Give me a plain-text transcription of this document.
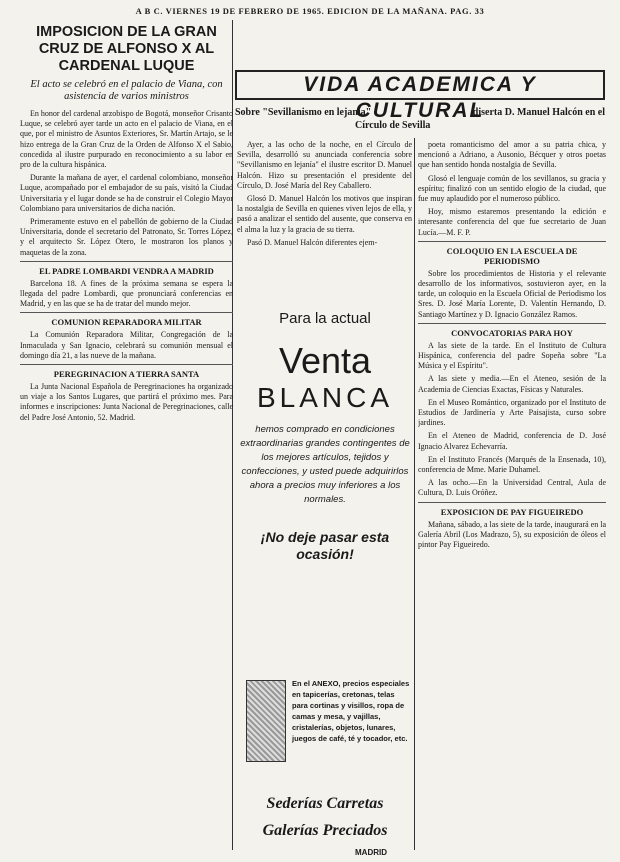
A B C. VIERNES 19 DE FEBRERO DE 1965. EDICION DE LA MAÑANA. PAG. 33
IMPOSICION DE LA GRAN CRUZ DE ALFONSO X AL CARDENAL LUQUE
El acto se celebró en el palacio de Viana, con asistencia de varios ministros

En honor del cardenal arzobispo de Bogotá, monseñor Crisanto Luque, se celebró ayer tarde un acto en el palacio de Viana, en el que, por el ministro de Asuntos Exteriores, Sr. Martín Artajo, se le hizo entrega de la Gran Cruz de la Orden de Alfonso X el Sabio, concedida al ilustre purpurado en reconocimiento a su labor en pro de la cultura hispánica.

Durante la mañana de ayer, el cardenal colombiano, monseñor Luque, acompañado por el embajador de su país, visitó la Ciudad Universitaria y el lugar donde se ha de construir el Colegio Mayor Colombiano para universitarios de dicha nación.

Primeramente estuvo en el pabellón de gobierno de la Ciudad Universitaria, donde el secretario del Patronato, Sr. Torres López, y el arquitecto Sr. López Otero, le mostraron los planos y maquetas de la zona.

EL PADRE LOMBARDI VENDRA A MADRID

Barcelona 18. A fines de la próxima semana se espera la llegada del padre Lombardi, que pronunciará conferencias en Madrid, y en las que se ha de tratar del mundo mejor.

COMUNION REPARADORA MILITAR

La Comunión Reparadora Militar, Congregación de la Inmaculada y San Ignacio, celebrará su comunión mensual el domingo día 21, a las nueve de la mañana.

PEREGRINACION A TIERRA SANTA

La Junta Nacional Española de Peregrinaciones ha organizado un viaje a los Santos Lugares, que partirá el próximo mes. Para informes e inscripciones: Junta Nacional de Peregrinaciones, calle del Padre José Antonio, 52. Madrid.

VIDA ACADEMICA Y CULTURAL
Sobre "Sevillanismo en lejanía"	diserta D. Manuel Halcón en el
Círculo de Sevilla

Ayer, a las ocho de la noche, en el Círculo de Sevilla, desarrolló su anunciada conferencia sobre "Sevillanismo en lejanía" el ilustre escritor D. Manuel Halcón. Hizo su presentación el presidente del Círculo, D. José María del Rey Caballero.

Glosó D. Manuel Halcón los motivos que inspiran la nostalgia de Sevilla en quienes viven lejos de ella, y pasó a analizar el sentido del ausente, que conserva en el alma la luz y la gracia de su tierra.

Pasó D. Manuel Halcón diferentes ejem-

Para la actual
Venta
BLANCA
hemos comprado en condiciones extraordinarias grandes contingentes de los mejores artículos, tejidos y confecciones, y usted puede adquirirlos ahora a precios muy inferiores a los normales.
¡No deje pasar esta ocasión!
En el ANEXO, precios especiales en tapicerías, cretonas, telas para cortinas y visillos, ropa de camas y mesa, y vajillas, cristalerías, objetos, lunares, juegos de café, té y tocador, etc.
Sederías Carretas
Galerías Preciados
MADRID

poeta romanticismo del amor a su patria chica, y mencionó a Adriano, a Ausonio, Bécquer y otros poetas que han sentido honda nostalgia de Sevilla.

Glosó el lenguaje común de los sevillanos, su gracia y espíritu; finalizó con un sentido elogio de la ciudad, que fue muy aplaudido por el numeroso público.

Hoy, mismo estaremos presentando la edición e interesante conferencia del que fue secretario de Juan Lucía.—M. F. P.

COLOQUIO EN LA ESCUELA DE PERIODISMO

Sobre los procedimientos de Historia y el relevante desarrollo de los informativos, sostuvieron ayer, en la tarde, un coloquio en la Escuela Oficial de Periodismo los Sres. D. José María Lorente, D. Valentín Hernando, D. Santiago Martínez y D. Ignacio González Ramos.

CONVOCATORIAS PARA HOY

A las siete de la tarde. En el Instituto de Cultura Hispánica, conferencia del padre Sopeña sobre "La Música y el Espíritu".

A las siete y media.—En el Ateneo, sesión de la Academia de Ciencias Exactas, Físicas y Naturales.

En el Museo Romántico, organizado por el Instituto de Estudios de Jardinería y Arte Paisajista, curso sobre jardines.

En el Ateneo de Madrid, conferencia de D. José Ignacio Alvarez Echevarría.

En el Instituto Francés (Marqués de la Ensenada, 10), conferencia de Mme. Marie Duhamel.

A las ocho.—En la Universidad Central, Aula de Cultura, D. Luis Oróñez.

EXPOSICION DE PAY FIGUEIREDO

Mañana, sábado, a las siete de la tarde, inaugurará en la Galería Abril (Los Madrazo, 5), su exposición de óleos el pintor Pay Figueiredo.
